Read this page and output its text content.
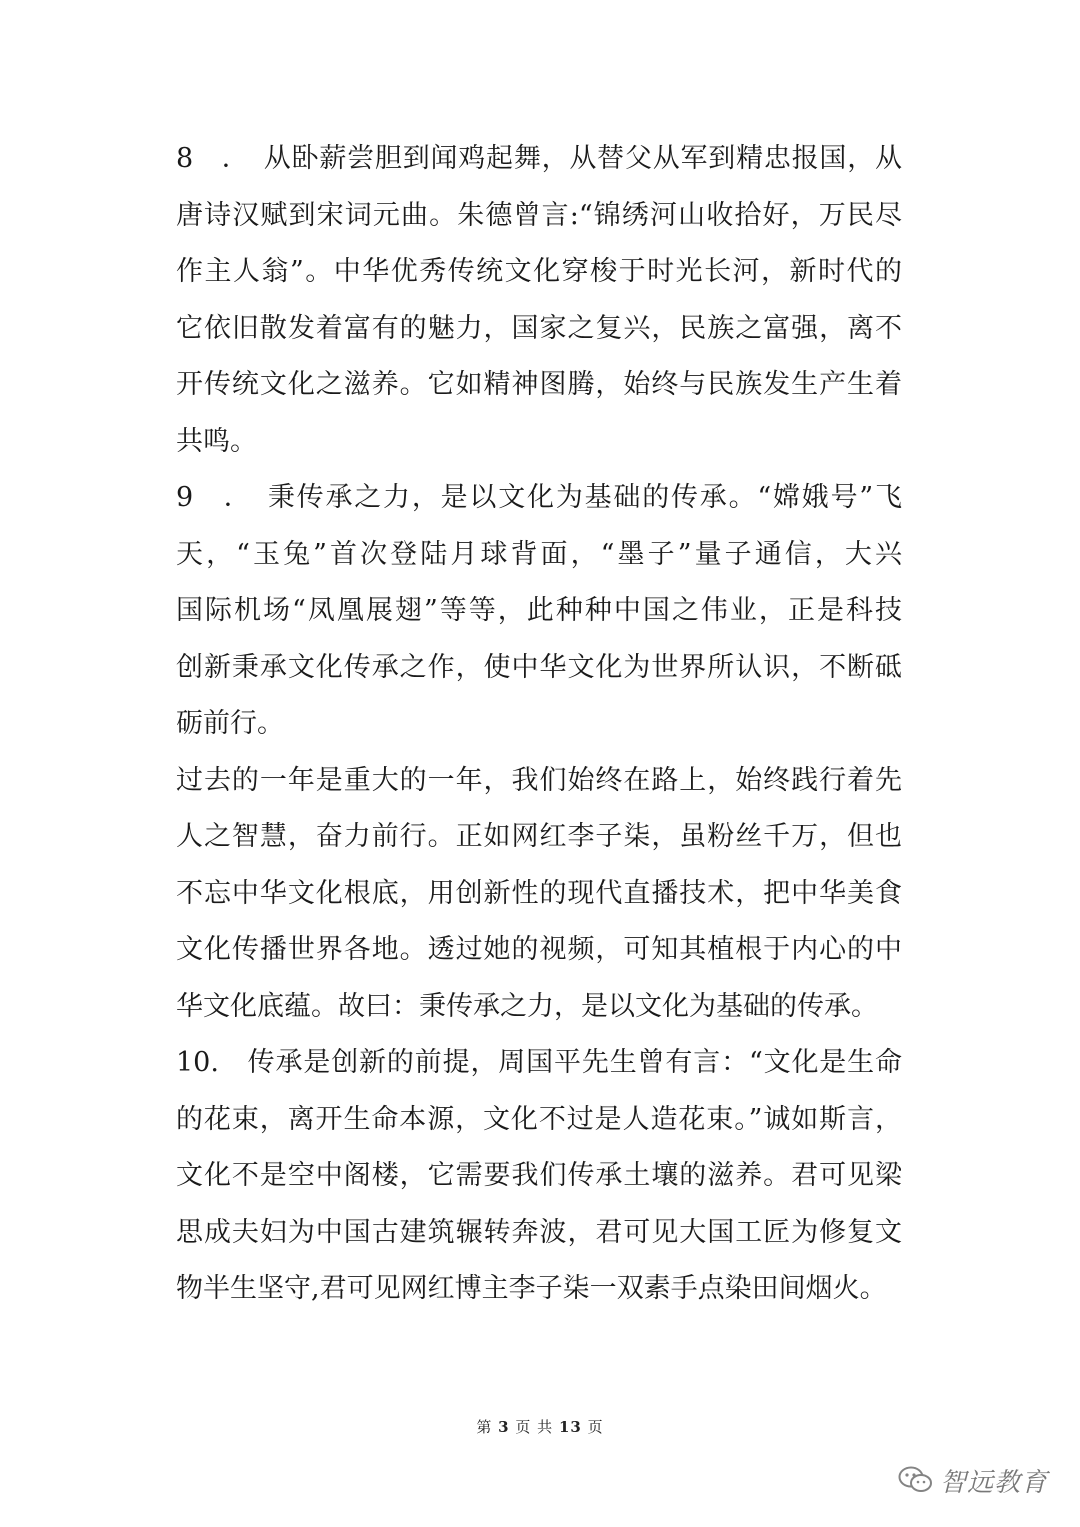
8　．　从卧薪尝胆到闻鸡起舞，从替父从军到精忠报国，从
唐诗汉赋到宋词元曲。朱德曾言:“锦绣河山收拾好，万民尽
作主人翁”。中华优秀传统文化穿梭于时光长河，新时代的
它依旧散发着富有的魅力，国家之复兴，民族之富强，离不
开传统文化之滋养。它如精神图腾，始终与民族发生产生着
共鸣。
9　．　秉传承之力，是以文化为基础的传承。“嫦娥号”飞
天，“玉兔”首次登陆月球背面，“墨子”量子通信，大兴
国际机场“凤凰展翅”等等，此种种中国之伟业，正是科技
创新秉承文化传承之作，使中华文化为世界所认识，不断砥
砺前行。
过去的一年是重大的一年，我们始终在路上，始终践行着先
人之智慧，奋力前行。正如网红李子柒，虽粉丝千万，但也
不忘中华文化根底，用创新性的现代直播技术，把中华美食
文化传播世界各地。透过她的视频，可知其植根于内心的中
华文化底蕴。故曰：秉传承之力，是以文化为基础的传承。
10.　传承是创新的前提，周国平先生曾有言：“文化是生命
的花束，离开生命本源，文化不过是人造花束。”诚如斯言，
文化不是空中阁楼，它需要我们传承土壤的滋养。君可见梁
思成夫妇为中国古建筑辗转奔波，君可见大国工匠为修复文
物半生坚守,君可见网红博主李子柒一双素手点染田间烟火。
第 3 页 共 13 页
智远教育
